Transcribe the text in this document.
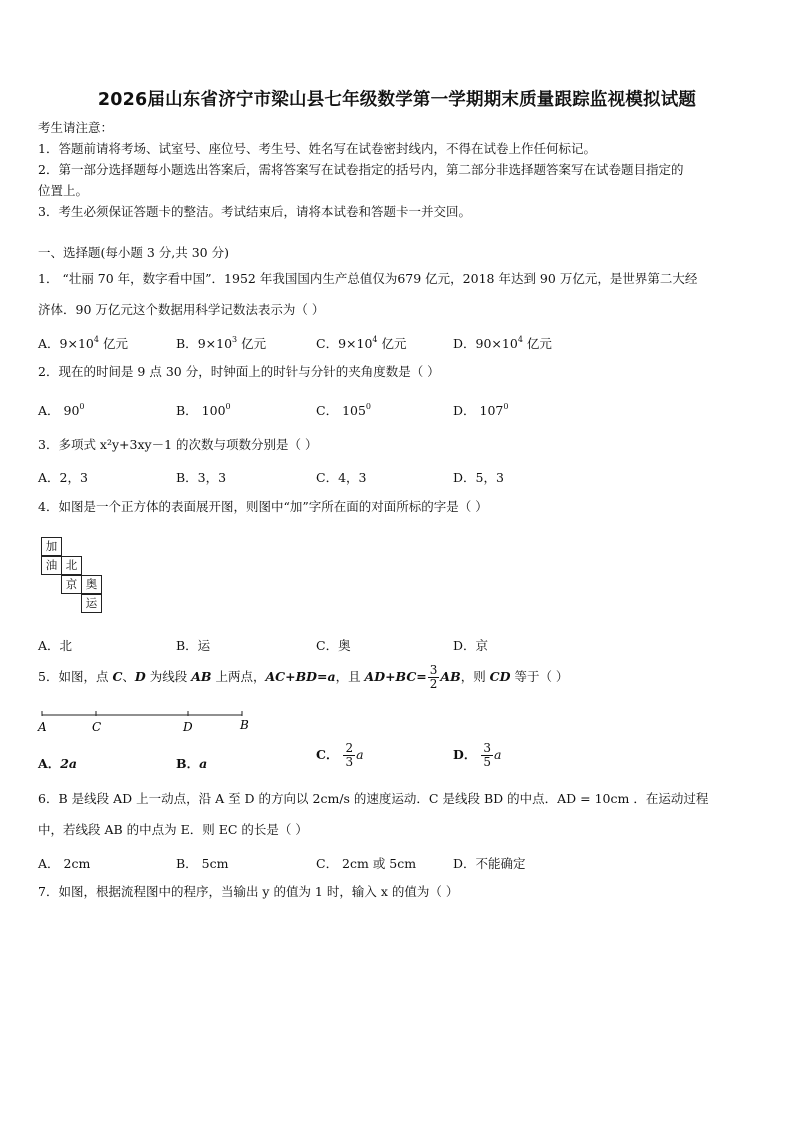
2026届山东省济宁市梁山县七年级数学第一学期期末质量跟踪监视模拟试题
考生请注意：
1．答题前请将考场、试室号、座位号、考生号、姓名写在试卷密封线内，不得在试卷上作任何标记。
2．第一部分选择题每小题选出答案后，需将答案写在试卷指定的括号内，第二部分非选择题答案写在试卷题目指定的
位置上。
3．考生必须保证答题卡的整洁。考试结束后，请将本试卷和答题卡一并交回。
一、选择题(每小题 3 分,共 30 分)
1． “壮丽 70 年，数字看中国”．1952 年我国国内生产总值仅为679 亿元，2018 年达到 90 万亿元，是世界第二大经
济体．90 万亿元这个数据用科学记数法表示为（ ）
A．$9\times 10^4$ 亿元	B．$9\times 10^3$ 亿元	C．$9\times 10^4$ 亿元	D．$90\times 10^4$ 亿元
2．现在的时间是 9 点 30 分，时钟面上的时针与分针的夹角度数是（ ）
A． $90^0$	B． $100^0$	C． $105^0$	D． $107^0$
3．多项式 x²y+3xy－1 的次数与项数分别是（ ）
A．2，3	B．3，3	C．4，3	D．5，3
4．如图是一个正方体的表面展开图，则图中“加”字所在面的对面所标的字是（ ）
加
油 北
京 奥
运
A．北	B．运	C．奥	D．京
5．如图，点 C、D 为线段 AB 上两点，AC+BD=a，且 $AD+BC= \frac{3}{2}$ AB，则 CD 等于（ ）
A	C	D	B
A．2a	B．a
C． $\frac{2}{3}$ a	D． $\frac{3}{5}$ a
6．B 是线段 AD 上一动点，沿 A 至 D 的方向以 2cm/s 的速度运动．C 是线段 BD 的中点．AD = 10cm ．在运动过程
中，若线段 AB 的中点为 E．则 EC 的长是（ ）
A． 2cm	B． 5cm	C． 2cm 或 5cm	D．不能确定
7．如图，根据流程图中的程序，当输出 y 的值为 1 时，输入 x 的值为（ ）
